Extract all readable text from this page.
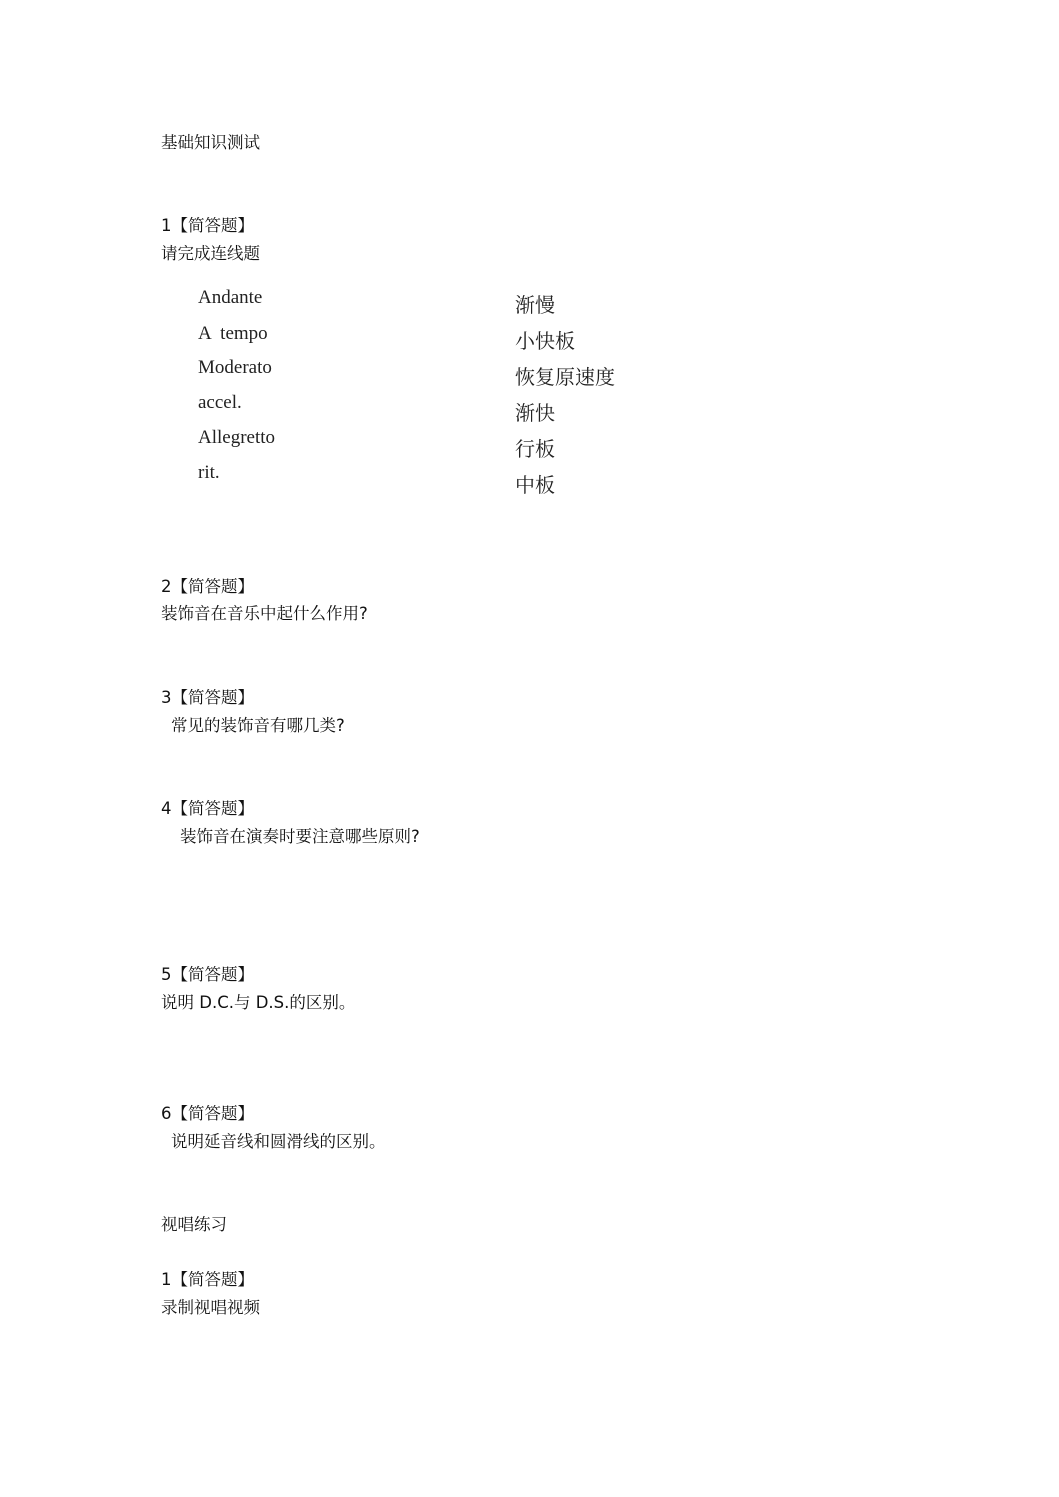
基础知识测试
1【简答题】
请完成连线题
Andante
A  tempo
Moderato
accel.
Allegretto
rit.
渐慢
小快板
恢复原速度
渐快
行板
中板
2【简答题】
装饰音在音乐中起什么作用?
3【简答题】
常见的装饰音有哪几类?
4【简答题】
装饰音在演奏时要注意哪些原则?
5【简答题】
说明 D.C.与 D.S.的区别。
6【简答题】
说明延音线和圆滑线的区别。
视唱练习
1【简答题】
录制视唱视频
